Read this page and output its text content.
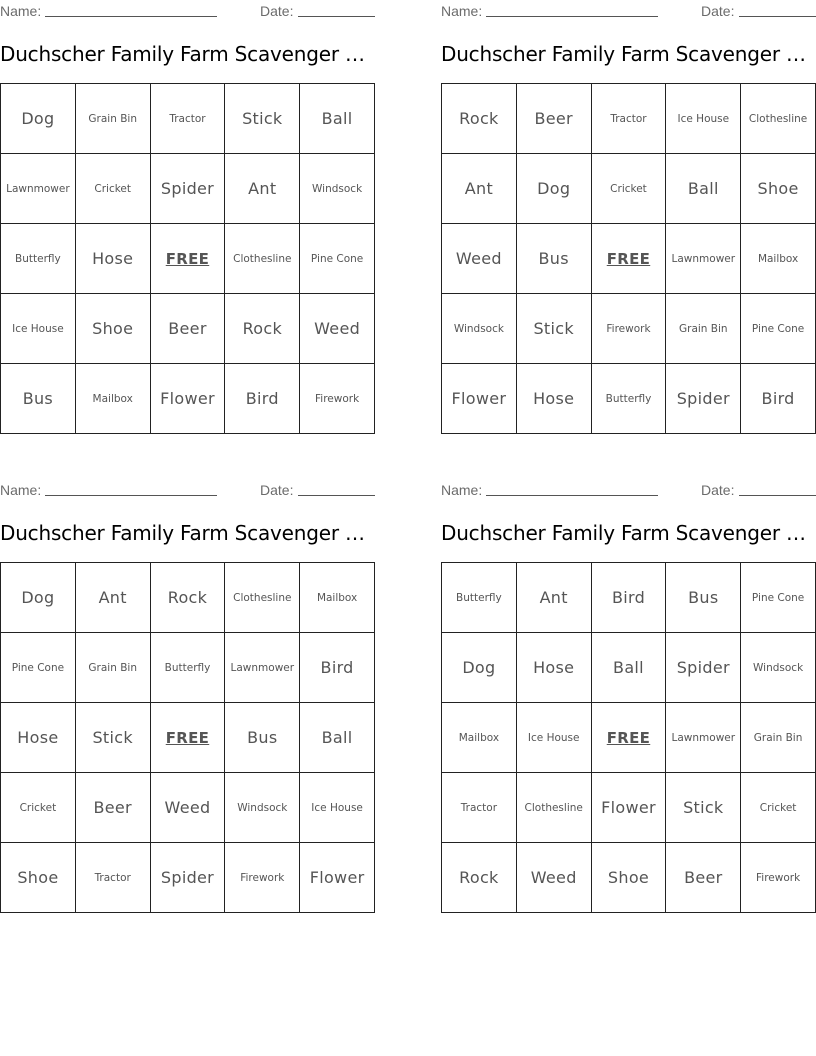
Name:	Date:
Duchscher Family Farm Scavenger …
Dog	Grain Bin	Tractor	Stick	Ball
Lawnmower	Cricket	Spider	Ant	Windsock
Butterfly	Hose	FREE	Clothesline	Pine Cone
Ice House	Shoe	Beer	Rock	Weed
Bus	Mailbox	Flower	Bird	Firework
Name:	Date:
Duchscher Family Farm Scavenger …
Rock	Beer	Tractor	Ice House	Clothesline
Ant	Dog	Cricket	Ball	Shoe
Weed	Bus	FREE	Lawnmower	Mailbox
Windsock	Stick	Firework	Grain Bin	Pine Cone
Flower	Hose	Butterfly	Spider	Bird
Name:	Date:
Duchscher Family Farm Scavenger …
Dog	Ant	Rock	Clothesline	Mailbox
Pine Cone	Grain Bin	Butterfly	Lawnmower	Bird
Hose	Stick	FREE	Bus	Ball
Cricket	Beer	Weed	Windsock	Ice House
Shoe	Tractor	Spider	Firework	Flower
Name:	Date:
Duchscher Family Farm Scavenger …
Butterfly	Ant	Bird	Bus	Pine Cone
Dog	Hose	Ball	Spider	Windsock
Mailbox	Ice House	FREE	Lawnmower	Grain Bin
Tractor	Clothesline	Flower	Stick	Cricket
Rock	Weed	Shoe	Beer	Firework
